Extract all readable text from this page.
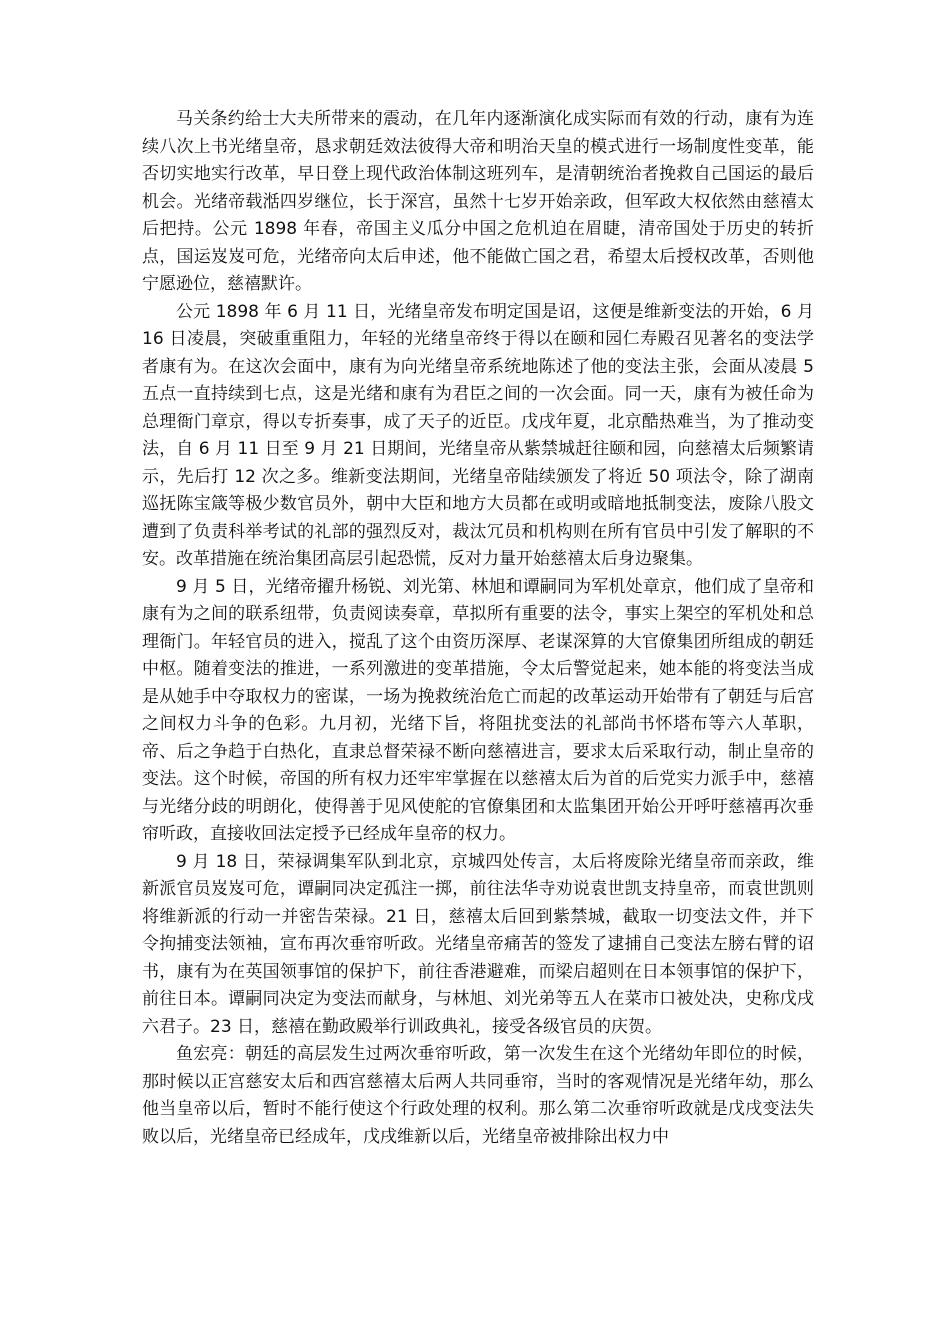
马关条约给士大夫所带来的震动，在几年内逐渐演化成实际而有效的行动，康有为连续八次上书光绪皇帝，恳求朝廷效法彼得大帝和明治天皇的模式进行一场制度性变革，能否切实地实行改革，早日登上现代政治体制这班列车，是清朝统治者挽救自己国运的最后机会。光绪帝载湉四岁继位，长于深宫，虽然十七岁开始亲政，但军政大权依然由慈禧太后把持。公元 1898 年春，帝国主义瓜分中国之危机迫在眉睫，清帝国处于历史的转折点，国运岌岌可危，光绪帝向太后申述，他不能做亡国之君，希望太后授权改革，否则他宁愿逊位，慈禧默许。

公元 1898 年 6 月 11 日，光绪皇帝发布明定国是诏，这便是维新变法的开始，6 月 16 日凌晨，突破重重阻力，年轻的光绪皇帝终于得以在颐和园仁寿殿召见著名的变法学者康有为。在这次会面中，康有为向光绪皇帝系统地陈述了他的变法主张，会面从凌晨 5 五点一直持续到七点，这是光绪和康有为君臣之间的一次会面。同一天，康有为被任命为总理衙门章京，得以专折奏事，成了天子的近臣。戊戌年夏，北京酷热难当，为了推动变法，自 6 月 11 日至 9 月 21 日期间，光绪皇帝从紫禁城赶往颐和园，向慈禧太后频繁请示，先后打 12 次之多。维新变法期间，光绪皇帝陆续颁发了将近 50 项法令，除了湖南巡抚陈宝箴等极少数官员外，朝中大臣和地方大员都在或明或暗地抵制变法，废除八股文遭到了负责科举考试的礼部的强烈反对，裁汰冗员和机构则在所有官员中引发了解职的不安。改革措施在统治集团高层引起恐慌，反对力量开始慈禧太后身边聚集。

9 月 5 日，光绪帝擢升杨锐、刘光第、林旭和谭嗣同为军机处章京，他们成了皇帝和康有为之间的联系纽带，负责阅读奏章，草拟所有重要的法令，事实上架空的军机处和总理衙门。年轻官员的进入，搅乱了这个由资历深厚、老谋深算的大官僚集团所组成的朝廷中枢。随着变法的推进，一系列激进的变革措施，令太后警觉起来，她本能的将变法当成是从她手中夺取权力的密谋，一场为挽救统治危亡而起的改革运动开始带有了朝廷与后宫之间权力斗争的色彩。九月初，光绪下旨，将阻扰变法的礼部尚书怀塔布等六人革职，帝、后之争趋于白热化，直隶总督荣禄不断向慈禧进言，要求太后采取行动，制止皇帝的变法。这个时候，帝国的所有权力还牢牢掌握在以慈禧太后为首的后党实力派手中，慈禧与光绪分歧的明朗化，使得善于见风使舵的官僚集团和太监集团开始公开呼吁慈禧再次垂帘听政，直接收回法定授予已经成年皇帝的权力。

9 月 18 日，荣禄调集军队到北京，京城四处传言，太后将废除光绪皇帝而亲政，维新派官员岌岌可危，谭嗣同决定孤注一掷，前往法华寺劝说袁世凯支持皇帝，而袁世凯则将维新派的行动一并密告荣禄。21 日，慈禧太后回到紫禁城，截取一切变法文件，并下令拘捕变法领袖，宣布再次垂帘听政。光绪皇帝痛苦的签发了逮捕自己变法左膀右臂的诏书，康有为在英国领事馆的保护下，前往香港避难，而梁启超则在日本领事馆的保护下，前往日本。谭嗣同决定为变法而献身，与林旭、刘光弟等五人在菜市口被处决，史称戊戌六君子。23 日，慈禧在勤政殿举行训政典礼，接受各级官员的庆贺。

鱼宏亮：朝廷的高层发生过两次垂帘听政，第一次发生在这个光绪幼年即位的时候，那时候以正宫慈安太后和西宫慈禧太后两人共同垂帘，当时的客观情况是光绪年幼，那么他当皇帝以后，暂时不能行使这个行政处理的权利。那么第二次垂帘听政就是戊戌变法失败以后，光绪皇帝已经成年，戊戌维新以后，光绪皇帝被排除出权力中
